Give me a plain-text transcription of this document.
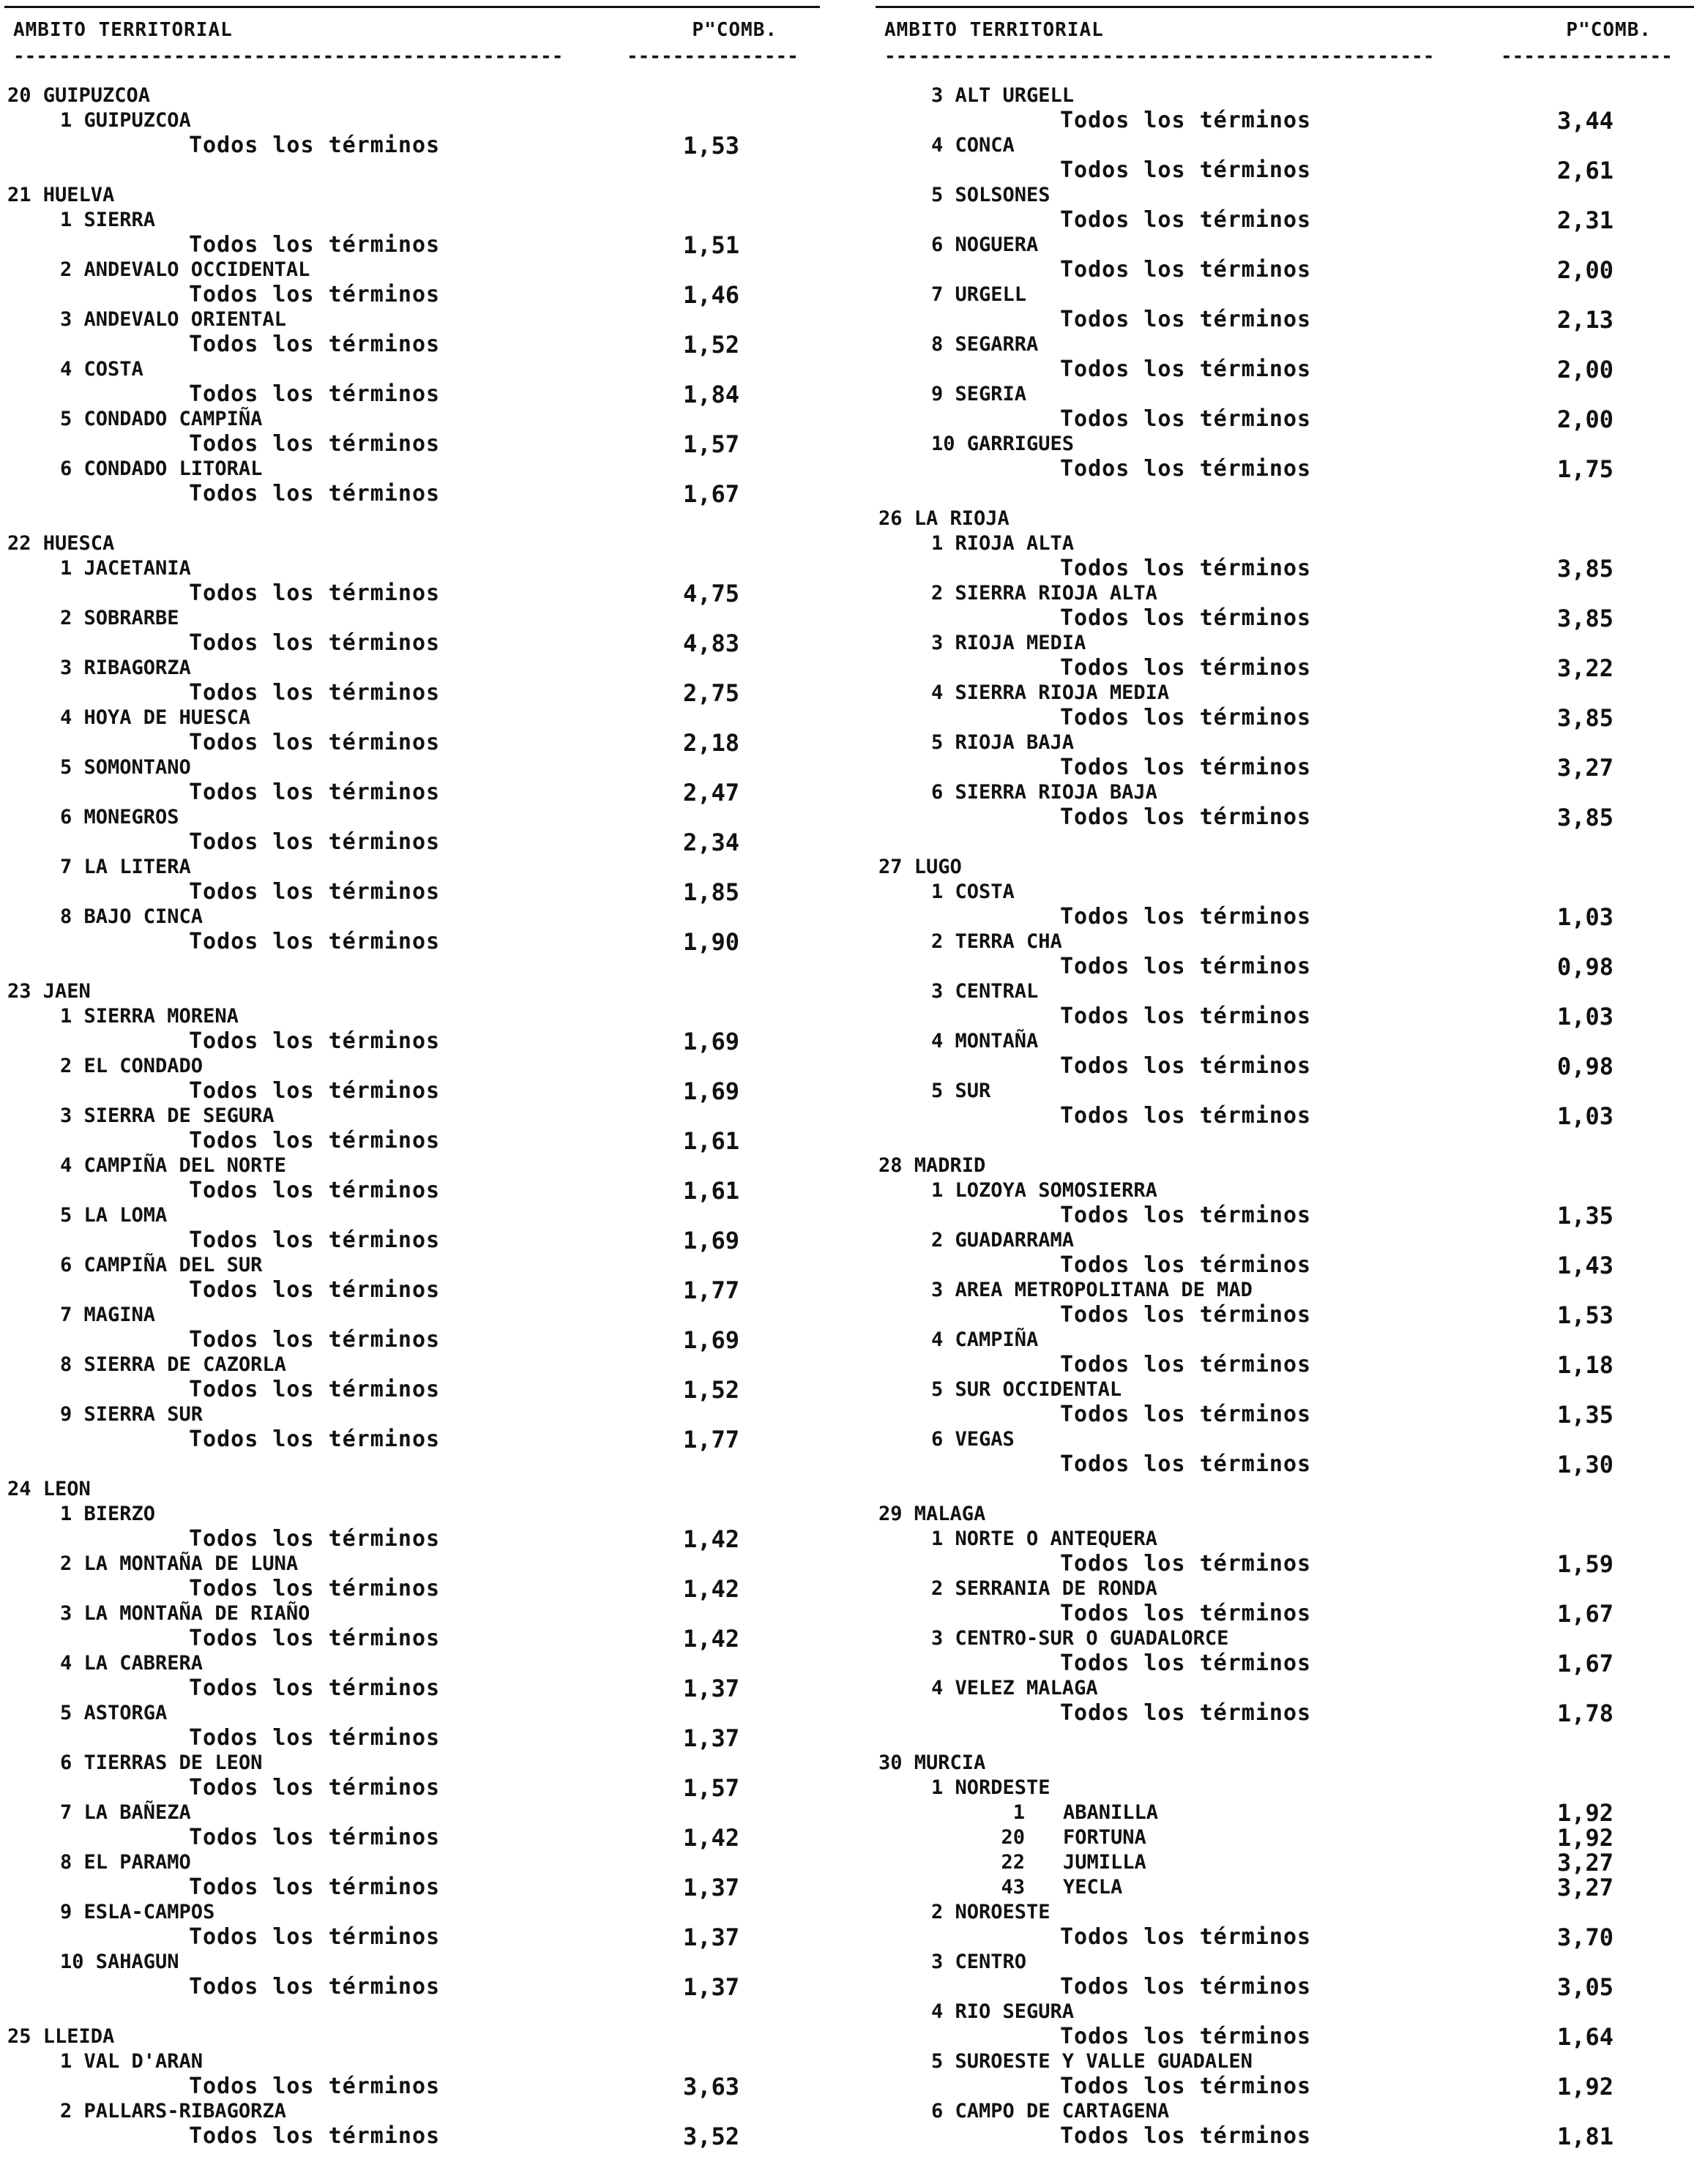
AMBITO TERRITORIAL	P"COMB.
------------------------------------------------	---------------
20 GUIPUZCOA
1 GUIPUZCOA
Todos los términos	1,53
21 HUELVA
1 SIERRA
Todos los términos	1,51
2 ANDEVALO OCCIDENTAL
Todos los términos	1,46
3 ANDEVALO ORIENTAL
Todos los términos	1,52
4 COSTA
Todos los términos	1,84
5 CONDADO CAMPIÑA
Todos los términos	1,57
6 CONDADO LITORAL
Todos los términos	1,67
22 HUESCA
1 JACETANIA
Todos los términos	4,75
2 SOBRARBE
Todos los términos	4,83
3 RIBAGORZA
Todos los términos	2,75
4 HOYA DE HUESCA
Todos los términos	2,18
5 SOMONTANO
Todos los términos	2,47
6 MONEGROS
Todos los términos	2,34
7 LA LITERA
Todos los términos	1,85
8 BAJO CINCA
Todos los términos	1,90
23 JAEN
1 SIERRA MORENA
Todos los términos	1,69
2 EL CONDADO
Todos los términos	1,69
3 SIERRA DE SEGURA
Todos los términos	1,61
4 CAMPIÑA DEL NORTE
Todos los términos	1,61
5 LA LOMA
Todos los términos	1,69
6 CAMPIÑA DEL SUR
Todos los términos	1,77
7 MAGINA
Todos los términos	1,69
8 SIERRA DE CAZORLA
Todos los términos	1,52
9 SIERRA SUR
Todos los términos	1,77
24 LEON
1 BIERZO
Todos los términos	1,42
2 LA MONTAÑA DE LUNA
Todos los términos	1,42
3 LA MONTAÑA DE RIAÑO
Todos los términos	1,42
4 LA CABRERA
Todos los términos	1,37
5 ASTORGA
Todos los términos	1,37
6 TIERRAS DE LEON
Todos los términos	1,57
7 LA BAÑEZA
Todos los términos	1,42
8 EL PARAMO
Todos los términos	1,37
9 ESLA-CAMPOS
Todos los términos	1,37
10 SAHAGUN
Todos los términos	1,37
25 LLEIDA
1 VAL D'ARAN
Todos los términos	3,63
2 PALLARS-RIBAGORZA
Todos los términos	3,52
AMBITO TERRITORIAL	P"COMB.
------------------------------------------------	---------------
3 ALT URGELL
Todos los términos	3,44
4 CONCA
Todos los términos	2,61
5 SOLSONES
Todos los términos	2,31
6 NOGUERA
Todos los términos	2,00
7 URGELL
Todos los términos	2,13
8 SEGARRA
Todos los términos	2,00
9 SEGRIA
Todos los términos	2,00
10 GARRIGUES
Todos los términos	1,75
26 LA RIOJA
1 RIOJA ALTA
Todos los términos	3,85
2 SIERRA RIOJA ALTA
Todos los términos	3,85
3 RIOJA MEDIA
Todos los términos	3,22
4 SIERRA RIOJA MEDIA
Todos los términos	3,85
5 RIOJA BAJA
Todos los términos	3,27
6 SIERRA RIOJA BAJA
Todos los términos	3,85
27 LUGO
1 COSTA
Todos los términos	1,03
2 TERRA CHA
Todos los términos	0,98
3 CENTRAL
Todos los términos	1,03
4 MONTAÑA
Todos los términos	0,98
5 SUR
Todos los términos	1,03
28 MADRID
1 LOZOYA SOMOSIERRA
Todos los términos	1,35
2 GUADARRAMA
Todos los términos	1,43
3 AREA METROPOLITANA DE MAD
Todos los términos	1,53
4 CAMPIÑA
Todos los términos	1,18
5 SUR OCCIDENTAL
Todos los términos	1,35
6 VEGAS
Todos los términos	1,30
29 MALAGA
1 NORTE O ANTEQUERA
Todos los términos	1,59
2 SERRANIA DE RONDA
Todos los términos	1,67
3 CENTRO-SUR O GUADALORCE
Todos los términos	1,67
4 VELEZ MALAGA
Todos los términos	1,78
30 MURCIA
1 NORDESTE
1 ABANILLA	1,92
20 FORTUNA	1,92
22 JUMILLA	3,27
43 YECLA	3,27
2 NOROESTE
Todos los términos	3,70
3 CENTRO
Todos los términos	3,05
4 RIO SEGURA
Todos los términos	1,64
5 SUROESTE Y VALLE GUADALEN
Todos los términos	1,92
6 CAMPO DE CARTAGENA
Todos los términos	1,81
